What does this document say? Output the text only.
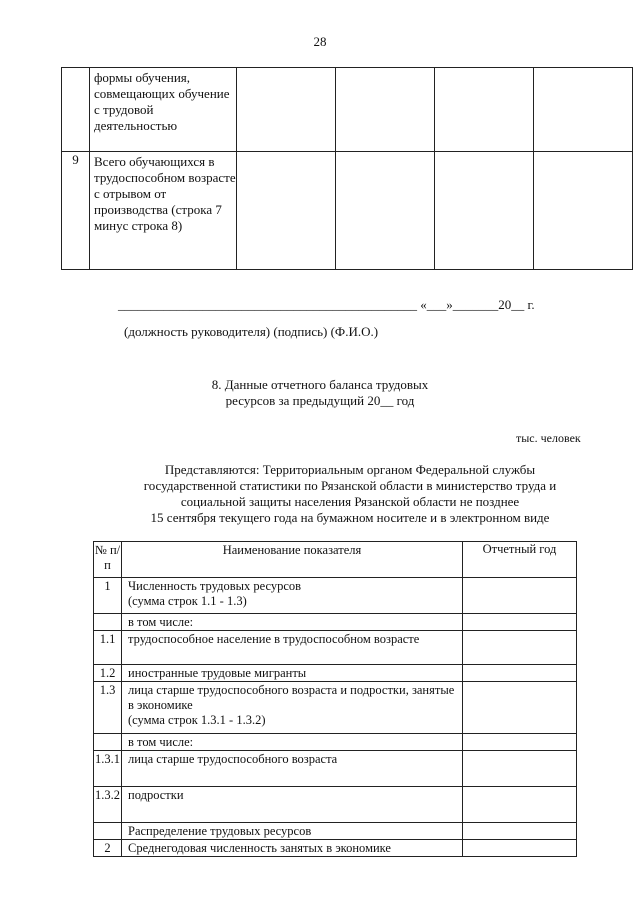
28
	формы обучения, совмещающих обучение с трудовой деятельностью				
9	Всего обучающихся в трудоспособном возрасте с отрывом от производства (строка 7 минус строка 8)				
______________________________________________ «___»_______20__ г.
(должность руководителя) (подпись) (Ф.И.О.)
8. Данные отчетного баланса трудовых
ресурсов за предыдущий 20__ год
тыс. человек
Представляются: Территориальным органом Федеральной службы
государственной статистики по Рязанской области в министерство труда и
социальной защиты населения Рязанской области не позднее
15 сентября текущего года на бумажном носителе и в электронном виде
№ п/п	Наименование показателя	Отчетный год
1	Численность трудовых ресурсов
(сумма строк 1.1 - 1.3)	

	в том числе:	
1.1	трудоспособное население в трудоспособном возрасте	
1.2	иностранные трудовые мигранты	
1.3	лица старше трудоспособного возраста и подростки, занятые в экономике
(сумма строк 1.3.1 - 1.3.2)	

	в том числе:	
1.3.1	лица старше трудоспособного возраста	
1.3.2	подростки	
	Распределение трудовых ресурсов	
2	Среднегодовая численность занятых в экономике	
